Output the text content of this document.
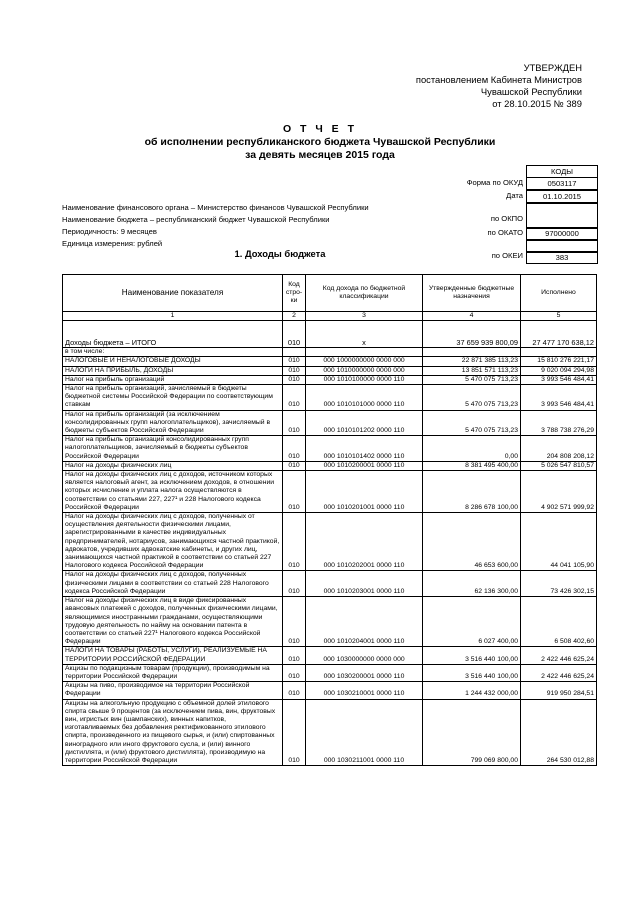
УТВЕРЖДЕН
постановлением Кабинета Министров
Чувашской Республики
от 28.10.2015 № 389
О Т Ч Е Т
об исполнении республиканского бюджета Чувашской Республики
за девять месяцев 2015 года
КОДЫ
Форма по ОКУД	0503117
Дата	01.10.2015
по ОКПО
по ОКАТО	97000000
по ОКЕИ	383
Наименование финансового органа – Министерство финансов Чувашской Республики
Наименование бюджета – республиканский бюджет Чувашской Республики
Периодичность: 9 месяцев
Единица измерения: рублей
1. Доходы бюджета
Наименование показателя	Код стро-ки	Код дохода по бюджетной классификации	Утвержденные бюджетные назначения	Исполнено
1	2	3	4	5
Доходы бюджета – ИТОГО	010	x	37 659 939 800,09	27 477 170 638,12
в том числе:				
НАЛОГОВЫЕ И НЕНАЛОГОВЫЕ ДОХОДЫ	010	000 1000000000 0000 000	22 871 385 113,23	15 810 276 221,17
НАЛОГИ НА ПРИБЫЛЬ, ДОХОДЫ	010	000 1010000000 0000 000	13 851 571 113,23	9 020 094 294,98
Налог на прибыль организаций	010	000 1010100000 0000 110	5 470 075 713,23	3 993 546 484,41
Налог на прибыль организаций, зачисляемый в бюджеты бюджетной системы Российской Федерации по соответствующим ставкам	010	000 1010101000 0000 110	5 470 075 713,23	3 993 546 484,41
Налог на прибыль организаций (за исключением консолидированных групп налогоплательщиков), зачисляемый в бюджеты субъектов Российской Федерации	010	000 1010101202 0000 110	5 470 075 713,23	3 788 738 276,29
Налог на прибыль организаций консолидированных групп налогоплательщиков, зачисляемый в бюджеты субъектов Российской Федерации	010	000 1010101402 0000 110	0,00	204 808 208,12
Налог на доходы физических лиц	010	000 1010200001 0000 110	8 381 495 400,00	5 026 547 810,57
Налог на доходы физических лиц с доходов, источником которых является налоговый агент, за исключением доходов, в отношении которых исчисление и уплата налога осуществляются в соответствии со статьями 227, 227¹ и 228 Налогового кодекса Российской Федерации	010	000 1010201001 0000 110	8 286 678 100,00	4 902 571 999,92
Налог на доходы физических лиц с доходов, полученных от осуществления деятельности физическими лицами, зарегистрированными в качестве индивидуальных предпринимателей, нотариусов, занимающихся частной практикой, адвокатов, учредивших адвокатские кабинеты, и других лиц, занимающихся частной практикой в соответствии со статьей 227 Налогового кодекса Российской Федерации	010	000 1010202001 0000 110	46 653 600,00	44 041 105,90
Налог на доходы физических лиц с доходов, полученных физическими лицами в соответствии со статьей 228 Налогового кодекса Российской Федерации	010	000 1010203001 0000 110	62 136 300,00	73 426 302,15
Налог на доходы физических лиц в виде фиксированных авансовых платежей с доходов, полученных физическими лицами, являющимися иностранными гражданами, осуществляющими трудовую деятельность по найму на основании патента в соответствии со статьей 227¹ Налогового кодекса Российской Федерации	010	000 1010204001 0000 110	6 027 400,00	6 508 402,60
НАЛОГИ НА ТОВАРЫ (РАБОТЫ, УСЛУГИ), РЕАЛИЗУЕМЫЕ НА ТЕРРИТОРИИ РОССИЙСКОЙ ФЕДЕРАЦИИ	010	000 1030000000 0000 000	3 516 440 100,00	2 422 446 625,24
Акцизы по подакцизным товарам (продукции), производимым на территории Российской Федерации	010	000 1030200001 0000 110	3 516 440 100,00	2 422 446 625,24
Акцизы на пиво, производимое на территории Российской Федерации	010	000 1030210001 0000 110	1 244 432 000,00	919 950 284,51
Акцизы на алкогольную продукцию с объемной долей этилового спирта свыше 9 процентов (за исключением пива, вин, фруктовых вин, игристых вин (шампанских), винных напитков, изготавливаемых без добавления ректификованного этилового спирта, произведенного из пищевого сырья, и (или) спиртованных виноградного или иного фруктового сусла, и (или) винного дистиллята, и (или) фруктового дистиллята), производимую на территории Российской Федерации	010	000 1030211001 0000 110	799 069 800,00	264 530 012,88
